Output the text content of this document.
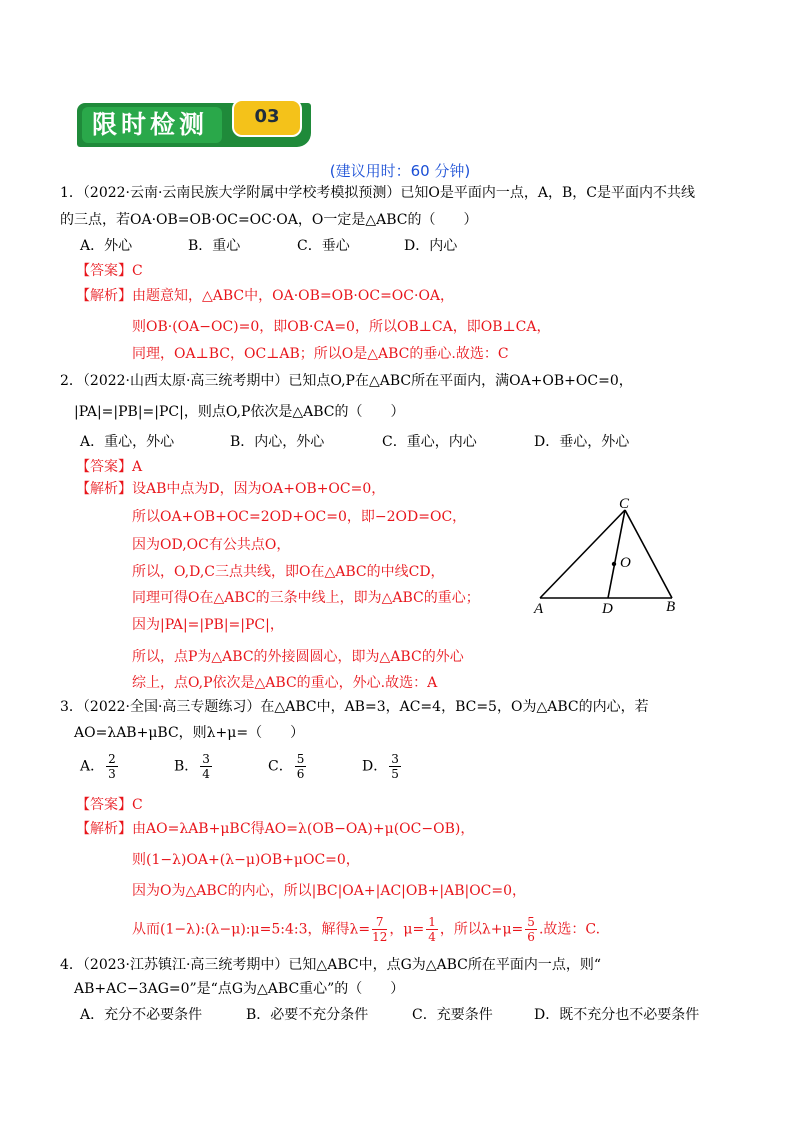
限时检测	03
(建议用时：60 分钟)
1．（2022·云南·云南民族大学附属中学校考模拟预测）已知O是平面内一点，A，B，C是平面内不共线
的三点，若OA·OB=OB·OC=OC·OA，O一定是△ABC的（　　）
A．外心	B．重心	C．垂心	D．内心
【答案】C
【解析】由题意知，△ABC中，OA·OB=OB·OC=OC·OA，
则OB·(OA−OC)=0，即OB·CA=0，所以OB⊥CA，即OB⊥CA，
同理，OA⊥BC，OC⊥AB；所以O是△ABC的垂心.故选：C
2．（2022·山西太原·高三统考期中）已知点O,P在△ABC所在平面内，满OA+OB+OC=0，
|PA|=|PB|=|PC|，则点O,P依次是△ABC的（　　）
A．重心，外心	B．内心，外心	C．重心，内心	D．垂心，外心
【答案】A
【解析】设AB中点为D，因为OA+OB+OC=0，
所以OA+OB+OC=2OD+OC=0，即−2OD=OC，
因为OD,OC有公共点O，
所以，O,D,C三点共线，即O在△ABC的中线CD，
同理可得O在△ABC的三条中线上，即为△ABC的重心；
因为|PA|=|PB|=|PC|，
所以，点P为△ABC的外接圆圆心，即为△ABC的外心
综上，点O,P依次是△ABC的重心，外心.故选：A
C
O
A	D	B
3．（2022·全国·高三专题练习）在△ABC中，AB=3，AC=4，BC=5，O为△ABC的内心，若
AO=λAB+μBC，则λ+μ=（　　）
A． $\frac{2}{3}$	B． $\frac{3}{4}$	C． $\frac{5}{6}$	D． $\frac{3}{5}$
【答案】C
【解析】由AO=λAB+μBC得AO=λ(OB−OA)+μ(OC−OB)，
则(1−λ)OA+(λ−μ)OB+μOC=0，
因为O为△ABC的内心，所以|BC|OA+|AC|OB+|AB|OC=0，
从而(1−λ):(λ−μ):μ=5:4:3，解得$\lambda= \frac{7}{12}$ ，$\mu= \frac{1}{4}$ ，所以$\lambda+\mu= \frac{5}{6}$ .故选：C.
4．（2023·江苏镇江·高三统考期中）已知△ABC中，点G为△ABC所在平面内一点，则“
AB+AC−3AG=0”是“点G为△ABC重心”的（　　）
A．充分不必要条件	B．必要不充分条件	C．充要条件	D．既不充分也不必要条件
